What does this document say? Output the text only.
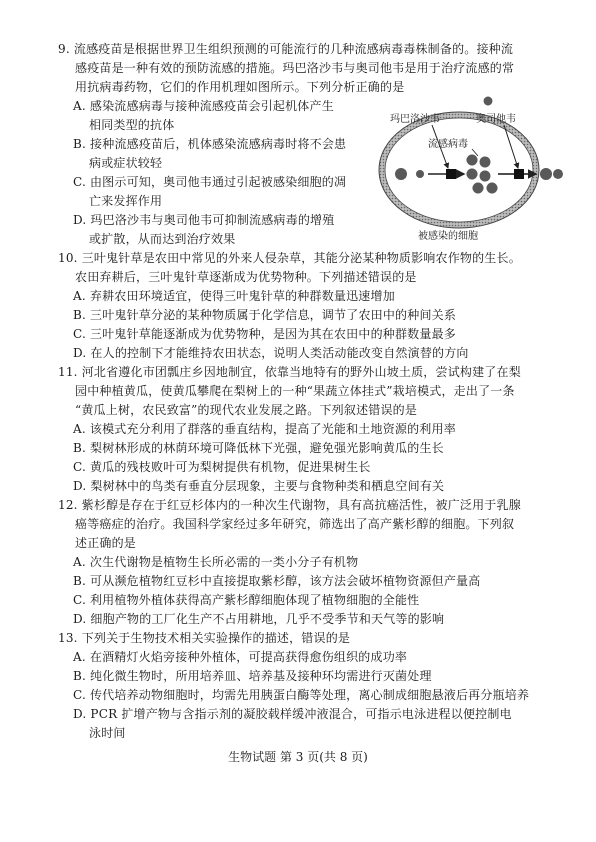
9. 流感疫苗是根据世界卫生组织预测的可能流行的几种流感病毒毒株制备的。接种流
感疫苗是一种有效的预防流感的措施。玛巴洛沙韦与奥司他韦是用于治疗流感的常
用抗病毒药物，它们的作用机理如图所示。下列分析正确的是
A. 感染流感病毒与接种流感疫苗会引起机体产生
相同类型的抗体
B. 接种流感疫苗后，机体感染流感病毒时将不会患
病或症状较轻
C. 由图示可知，奥司他韦通过引起被感染细胞的凋
亡来发挥作用
D. 玛巴洛沙韦与奥司他韦可抑制流感病毒的增殖
或扩散，从而达到治疗效果
玛巴洛沙韦	奥司他韦
流感病毒
被感染的细胞
10. 三叶鬼针草是农田中常见的外来人侵杂草，其能分泌某种物质影响农作物的生长。
农田弃耕后，三叶鬼针草逐渐成为优势物种。下列描述错误的是
A. 弃耕农田环境适宜，使得三叶鬼针草的种群数量迅速增加
B. 三叶鬼针草分泌的某种物质属于化学信息，调节了农田中的种间关系
C. 三叶鬼针草能逐渐成为优势物种，是因为其在农田中的种群数量最多
D. 在人的控制下才能维持农田状态，说明人类活动能改变自然演替的方向
11. 河北省遵化市团瓢庄乡因地制宜，依靠当地特有的野外山坡土质，尝试构建了在梨
园中种植黄瓜，使黄瓜攀爬在梨树上的一种“果蔬立体挂式”栽培模式，走出了一条
“黄瓜上树，农民致富”的现代农业发展之路。下列叙述错误的是
A. 该模式充分利用了群落的垂直结构，提高了光能和土地资源的利用率
B. 梨树林形成的林荫环境可降低林下光强，避免强光影响黄瓜的生长
C. 黄瓜的残枝败叶可为梨树提供有机物，促进果树生长
D. 梨树林中的鸟类有垂直分层现象，主要与食物种类和栖息空间有关
12. 紫杉醇是存在于红豆杉体内的一种次生代谢物，具有高抗癌活性，被广泛用于乳腺
癌等癌症的治疗。我国科学家经过多年研究，筛选出了高产紫杉醇的细胞。下列叙
述正确的是
A. 次生代谢物是植物生长所必需的一类小分子有机物
B. 可从濒危植物红豆杉中直接提取紫杉醇，该方法会破坏植物资源但产量高
C. 利用植物外植体获得高产紫杉醇细胞体现了植物细胞的全能性
D. 细胞产物的工厂化生产不占用耕地，几乎不受季节和天气等的影响
13. 下列关于生物技术相关实验操作的描述，错误的是
A. 在酒精灯火焰旁接种外植体，可提高获得愈伤组织的成功率
B. 纯化微生物时，所用培养皿、培养基及接种环均需进行灭菌处理
C. 传代培养动物细胞时，均需先用胰蛋白酶等处理，离心制成细胞悬液后再分瓶培养
D. PCR 扩增产物与含指示剂的凝胶载样缓冲液混合，可指示电泳进程以便控制电
泳时间
生物试题 第 3 页(共 8 页)
